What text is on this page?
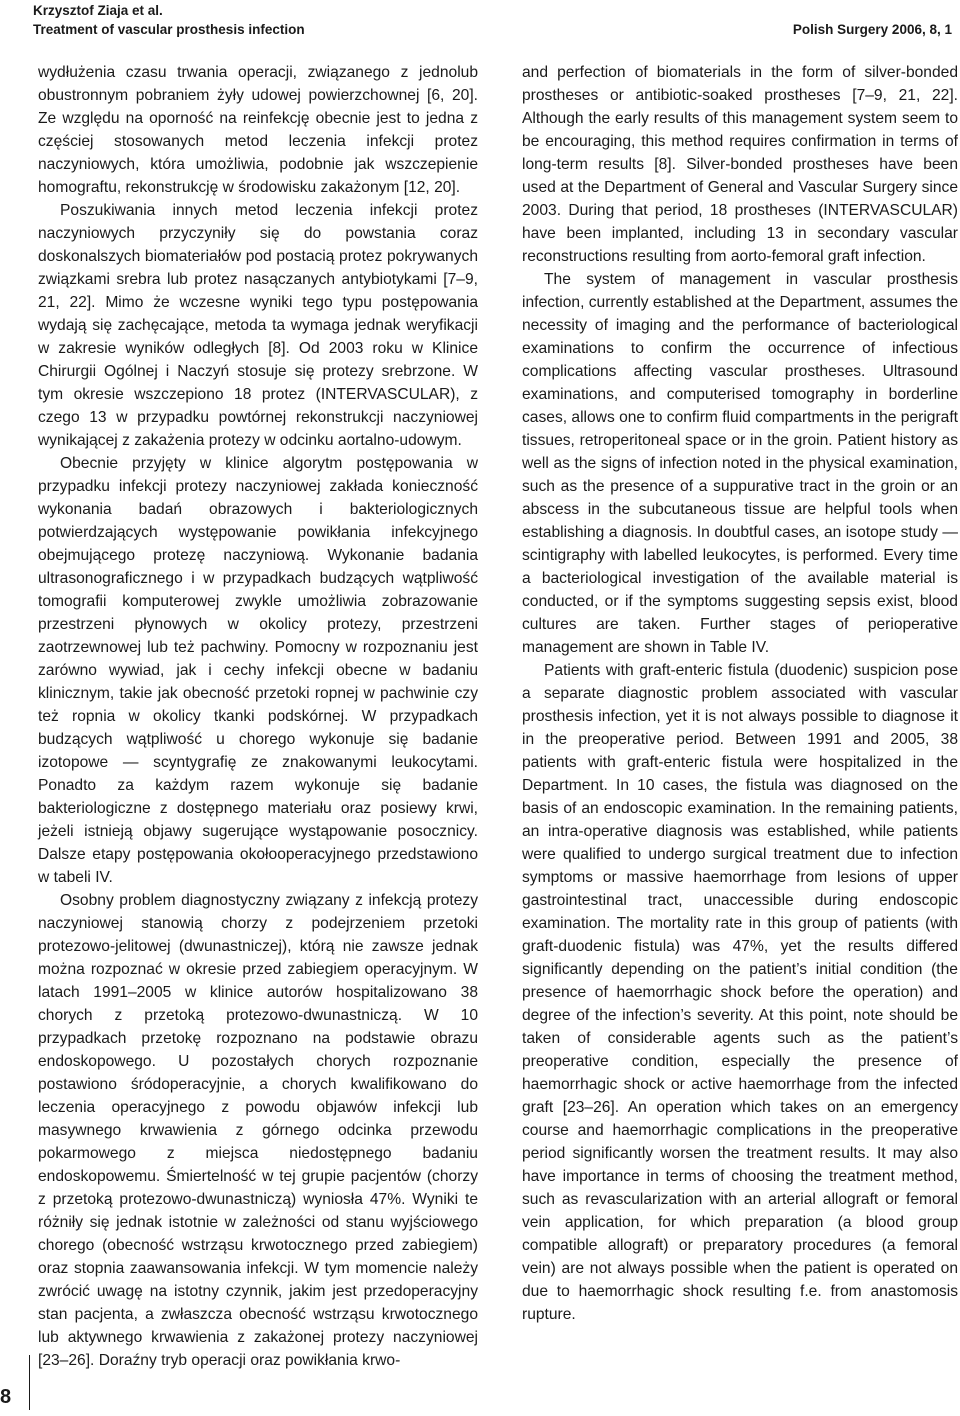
Krzysztof Ziaja et al.
Treatment of vascular prosthesis infection	Polish Surgery 2006, 8, 1

wydłużenia czasu trwania operacji, związanego z jednolub obustronnym pobraniem żyły udowej powierzchownej [6, 20]. Ze względu na oporność na reinfekcję obecnie jest to jedna z częściej stosowanych metod leczenia infekcji protez naczyniowych, która umożliwia, podobnie jak wszczepienie homograftu, rekonstrukcję w środowisku zakażonym [12, 20].

Poszukiwania innych metod leczenia infekcji protez naczyniowych przyczyniły się do powstania coraz doskonalszych biomateriałów pod postacią protez pokrywanych związkami srebra lub protez nasączanych antybiotykami [7–9, 21, 22]. Mimo że wczesne wyniki tego typu postępowania wydają się zachęcające, metoda ta wymaga jednak weryfikacji w zakresie wyników odległych [8]. Od 2003 roku w Klinice Chirurgii Ogólnej i Naczyń stosuje się protezy srebrzone. W tym okresie wszczepiono 18 protez (INTERVASCULAR), z czego 13 w przypadku powtórnej rekonstrukcji naczyniowej wynikającej z zakażenia protezy w odcinku aortalno-udowym.

Obecnie przyjęty w klinice algorytm postępowania w przypadku infekcji protezy naczyniowej zakłada konieczność wykonania badań obrazowych i bakteriologicznych potwierdzających występowanie powikłania infekcyjnego obejmującego protezę naczyniową. Wykonanie badania ultrasonograficznego i w przypadkach budzących wątpliwość tomografii komputerowej zwykle umożliwia zobrazowanie przestrzeni płynowych w okolicy protezy, przestrzeni zaotrzewnowej lub też pachwiny. Pomocny w rozpoznaniu jest zarówno wywiad, jak i cechy infekcji obecne w badaniu klinicznym, takie jak obecność przetoki ropnej w pachwinie czy też ropnia w okolicy tkanki podskórnej. W przypadkach budzących wątpliwość u chorego wykonuje się badanie izotopowe — scyntygrafię ze znakowanymi leukocytami. Ponadto za każdym razem wykonuje się badanie bakteriologiczne z dostępnego materiału oraz posiewy krwi, jeżeli istnieją objawy sugerujące wystąpowanie posocznicy. Dalsze etapy postępowania okołooperacyjnego przedstawiono w tabeli IV.

Osobny problem diagnostyczny związany z infekcją protezy naczyniowej stanowią chorzy z podejrzeniem przetoki protezowo-jelitowej (dwunastniczej), którą nie zawsze jednak można rozpoznać w okresie przed zabiegiem operacyjnym. W latach 1991–2005 w klinice autorów hospitalizowano 38 chorych z przetoką protezowo-dwunastniczą. W 10 przypadkach przetokę rozpoznano na podstawie obrazu endoskopowego. U pozostałych chorych rozpoznanie postawiono śródoperacyjnie, a chorych kwalifikowano do leczenia operacyjnego z powodu objawów infekcji lub masywnego krwawienia z górnego odcinka przewodu pokarmowego z miejsca niedostępnego badaniu endoskopowemu. Śmiertelność w tej grupie pacjentów (chorzy z przetoką protezowo-dwunastniczą) wyniosła 47%. Wyniki te różniły się jednak istotnie w zależności od stanu wyjściowego chorego (obecność wstrząsu krwotocznego przed zabiegiem) oraz stopnia zaawansowania infekcji. W tym momencie należy zwrócić uwagę na istotny czynnik, jakim jest przedoperacyjny stan pacjenta, a zwłaszcza obecność wstrząsu krwotocznego lub aktywnego krwawienia z zakażonej protezy naczyniowej [23–26]. Doraźny tryb operacji oraz powikłania krwo-

and perfection of biomaterials in the form of silver-bonded prostheses or antibiotic-soaked prostheses [7–9, 21, 22]. Although the early results of this management system seem to be encouraging, this method requires confirmation in terms of long-term results [8]. Silver-bonded prostheses have been used at the Department of General and Vascular Surgery since 2003. During that period, 18 prostheses (INTERVASCULAR) have been implanted, including 13 in secondary vascular reconstructions resulting from aorto-femoral graft infection.

The system of management in vascular prosthesis infection, currently established at the Department, assumes the necessity of imaging and the performance of bacteriological examinations to confirm the occurrence of infectious complications affecting vascular prostheses. Ultrasound examinations, and computerised tomography in borderline cases, allows one to confirm fluid compartments in the perigraft tissues, retroperitoneal space or in the groin. Patient history as well as the signs of infection noted in the physical examination, such as the presence of a suppurative tract in the groin or an abscess in the subcutaneous tissue are helpful tools when establishing a diagnosis. In doubtful cases, an isotope study — scintigraphy with labelled leukocytes, is performed. Every time a bacteriological investigation of the available material is conducted, or if the symptoms suggesting sepsis exist, blood cultures are taken. Further stages of perioperative management are shown in Table IV.

Patients with graft-enteric fistula (duodenic) suspicion pose a separate diagnostic problem associated with vascular prosthesis infection, yet it is not always possible to diagnose it in the preoperative period. Between 1991 and 2005, 38 patients with graft-enteric fistula were hospitalized in the Department. In 10 cases, the fistula was diagnosed on the basis of an endoscopic examination. In the remaining patients, an intra-operative diagnosis was established, while patients were qualified to undergo surgical treatment due to infection symptoms or massive haemorrhage from lesions of upper gastrointestinal tract, unaccessible during endoscopic examination. The mortality rate in this group of patients (with graft-duodenic fistula) was 47%, yet the results differed significantly depending on the patient’s initial condition (the presence of haemorrhagic shock before the operation) and degree of the infection’s severity. At this point, note should be taken of considerable agents such as the patient’s preoperative condition, especially the presence of haemorrhagic shock or active haemorrhage from the infected graft [23–26]. An operation which takes on an emergency course and haemorrhagic complications in the preoperative period significantly worsen the treatment results. It may also have importance in terms of choosing the treatment method, such as revascularization with an arterial allograft or femoral vein application, for which preparation (a blood group compatible allograft) or preparatory procedures (a femoral vein) are not always possible when the patient is operated on due to haemorrhagic shock resulting f.e. from anastomosis rupture.

8
